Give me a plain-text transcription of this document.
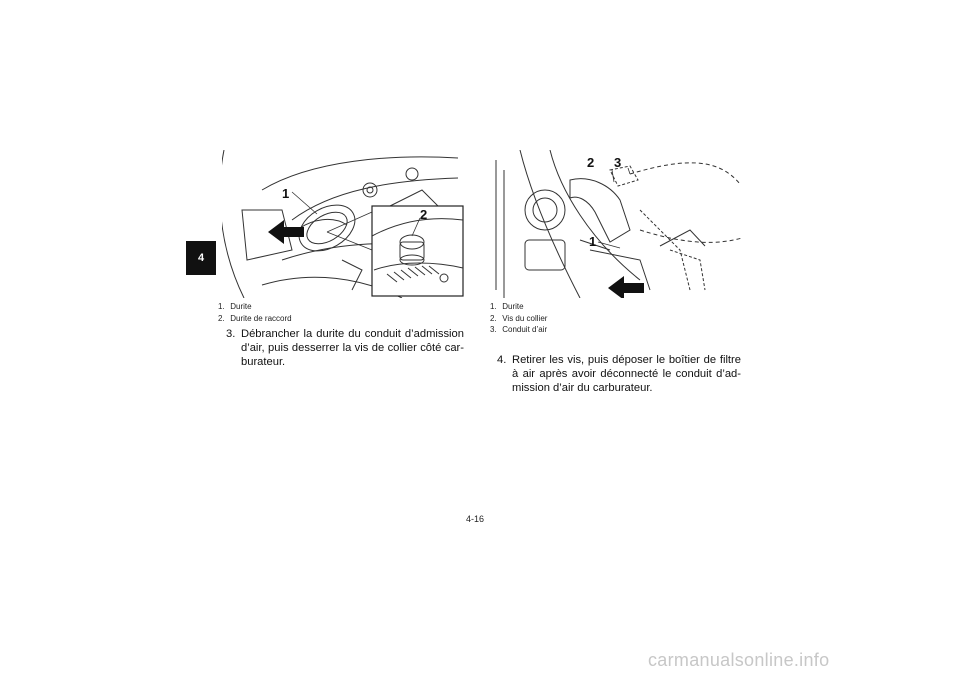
4
1
2
1. Durite
2. Durite de raccord
3. Débrancher la durite du conduit d’admission d’air, puis desserrer la vis de collier côté car- burateur.
2 3
1
1. Durite
2. Vis du collier
3. Conduit d’air
4. Retirer les vis, puis déposer le boîtier de filtre à air après avoir déconnecté le conduit d’ad- mission d’air du carburateur.
4-16
carmanualsonline.info
